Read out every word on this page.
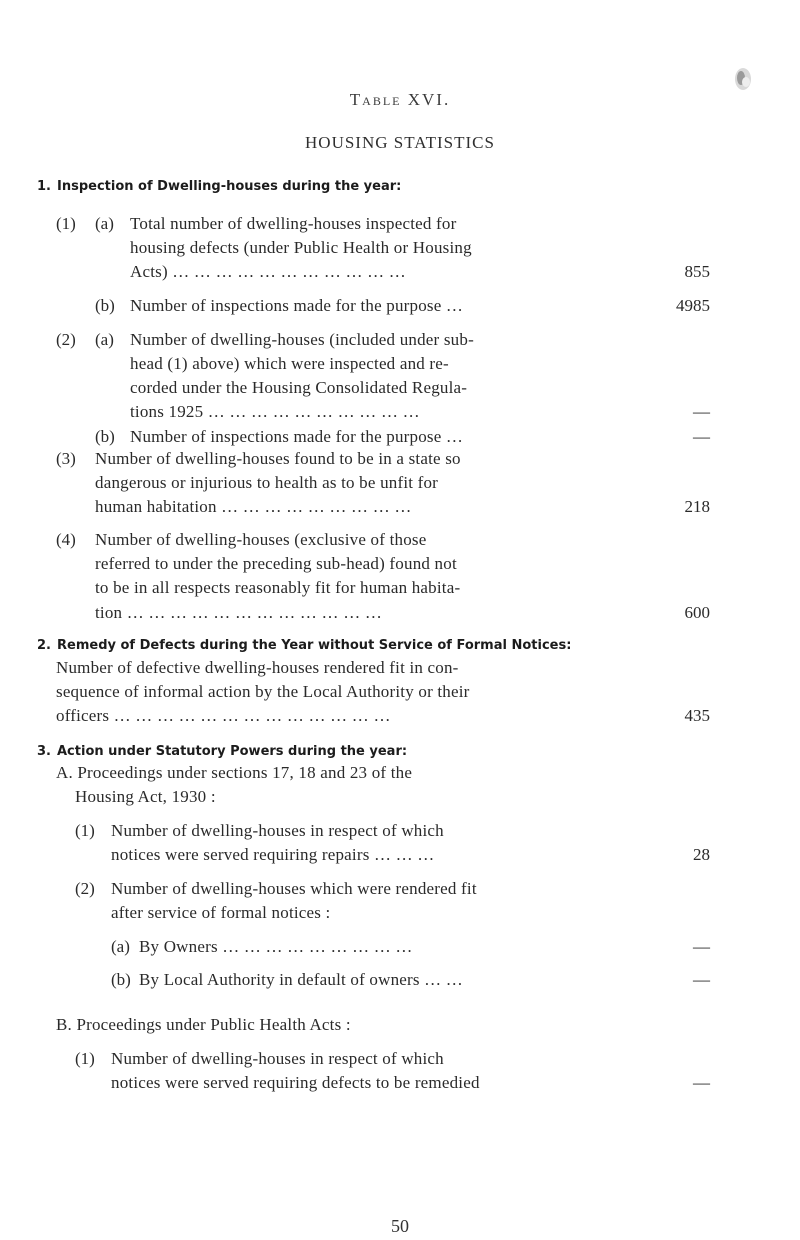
Table XVI.
HOUSING STATISTICS
1. Inspection of Dwelling-houses during the year:
(1) (a) Total number of dwelling-houses inspected for
housing defects (under Public Health or Housing
Acts) … … … … … … … … … … …	855
(b) Number of inspections made for the purpose …	4985
(2) (a) Number of dwelling-houses (included under sub-
head (1) above) which were inspected and re-
corded under the Housing Consolidated Regula-
tions 1925 … … … … … … … … … …	—
(b) Number of inspections made for the purpose …	—
(3) Number of dwelling-houses found to be in a state so
dangerous or injurious to health as to be unfit for
human habitation … … … … … … … … …	218
(4) Number of dwelling-houses (exclusive of those
referred to under the preceding sub-head) found not
to be in all respects reasonably fit for human habita-
tion … … … … … … … … … … … …	600
2. Remedy of Defects during the Year without Service of Formal Notices:
Number of defective dwelling-houses rendered fit in con-
sequence of informal action by the Local Authority or their
officers … … … … … … … … … … … … …	435
3. Action under Statutory Powers during the year:
A. Proceedings under sections 17, 18 and 23 of the
Housing Act, 1930 :
(1) Number of dwelling-houses in respect of which
notices were served requiring repairs … … …	28
(2) Number of dwelling-houses which were rendered fit
after service of formal notices :
(a) By Owners … … … … … … … … …	—
(b) By Local Authority in default of owners … …	—
B. Proceedings under Public Health Acts :
(1) Number of dwelling-houses in respect of which
notices were served requiring defects to be remedied	—
50
